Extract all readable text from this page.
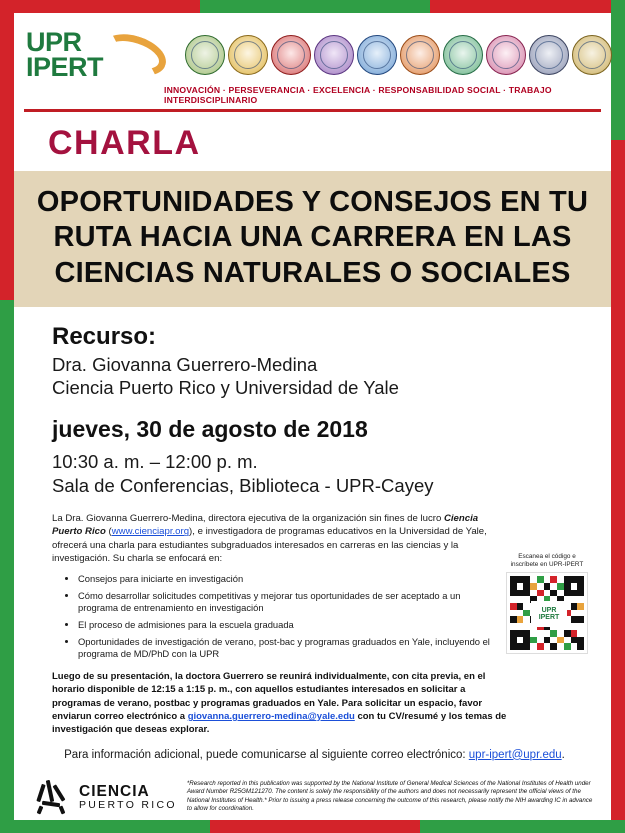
UPR
IPERT
INNOVACIÓN · PERSEVERANCIA · EXCELENCIA · RESPONSABILIDAD SOCIAL · TRABAJO INTERDISCIPLINARIO
CHARLA
OPORTUNIDADES Y CONSEJOS EN TU RUTA HACIA UNA CARRERA EN LAS CIENCIAS NATURALES O SOCIALES
Recurso:
Dra. Giovanna Guerrero-Medina
Ciencia Puerto Rico y Universidad de Yale
jueves, 30 de agosto de 2018
10:30 a. m. – 12:00 p. m.
Sala de Conferencias, Biblioteca - UPR-Cayey

La Dra. Giovanna Guerrero-Medina, directora ejecutiva de la organización sin fines de lucro Ciencia Puerto Rico (www.cienciapr.org), e investigadora de programas educativos en la Universidad de Yale, ofrecerá una charla para estudiantes subgraduados interesados en carreras en las ciencias y la investigación. Su charla se enfocará en:

• Consejos para iniciarte en investigación
• Cómo desarrollar solicitudes competitivas y mejorar tus oportunidades de ser aceptado a un programa de entrenamiento en investigación
• El proceso de admisiones para la escuela graduada
• Oportunidades de investigación de verano, post-bac y programas graduados en Yale, incluyendo el programa de MD/PhD con la UPR

Luego de su presentación, la doctora Guerrero se reunirá individualmente, con cita previa, en el horario disponible de 12:15 a 1:15 p. m., con aquellos estudiantes interesados en solicitar a programas de verano, postbac y programas graduados en Yale. Para solicitar un espacio, favor enviarun correo electrónico a giovanna.guerrero-medina@yale.edu con tu CV/resumé y los temas de investigación que deseas explorar.

Para información adicional, puede comunicarse al siguiente correo electrónico: upr-ipert@upr.edu.

Escanea el código e
inscríbete en UPR-IPERT
UPR
IPERT
CIENCIA
PUERTO RICO
*Research reported in this publication was supported by the National Institute of General Medical Sciences of the National Institutes of Health under Award Number R25GM121270. The content is solely the responsibility of the authors and does not necessarily represent the official views of the National Institutes of Health.* Prior to issuing a press release concerning the outcome of this research, please notify the NIH awarding IC in advance to allow for coordination.
